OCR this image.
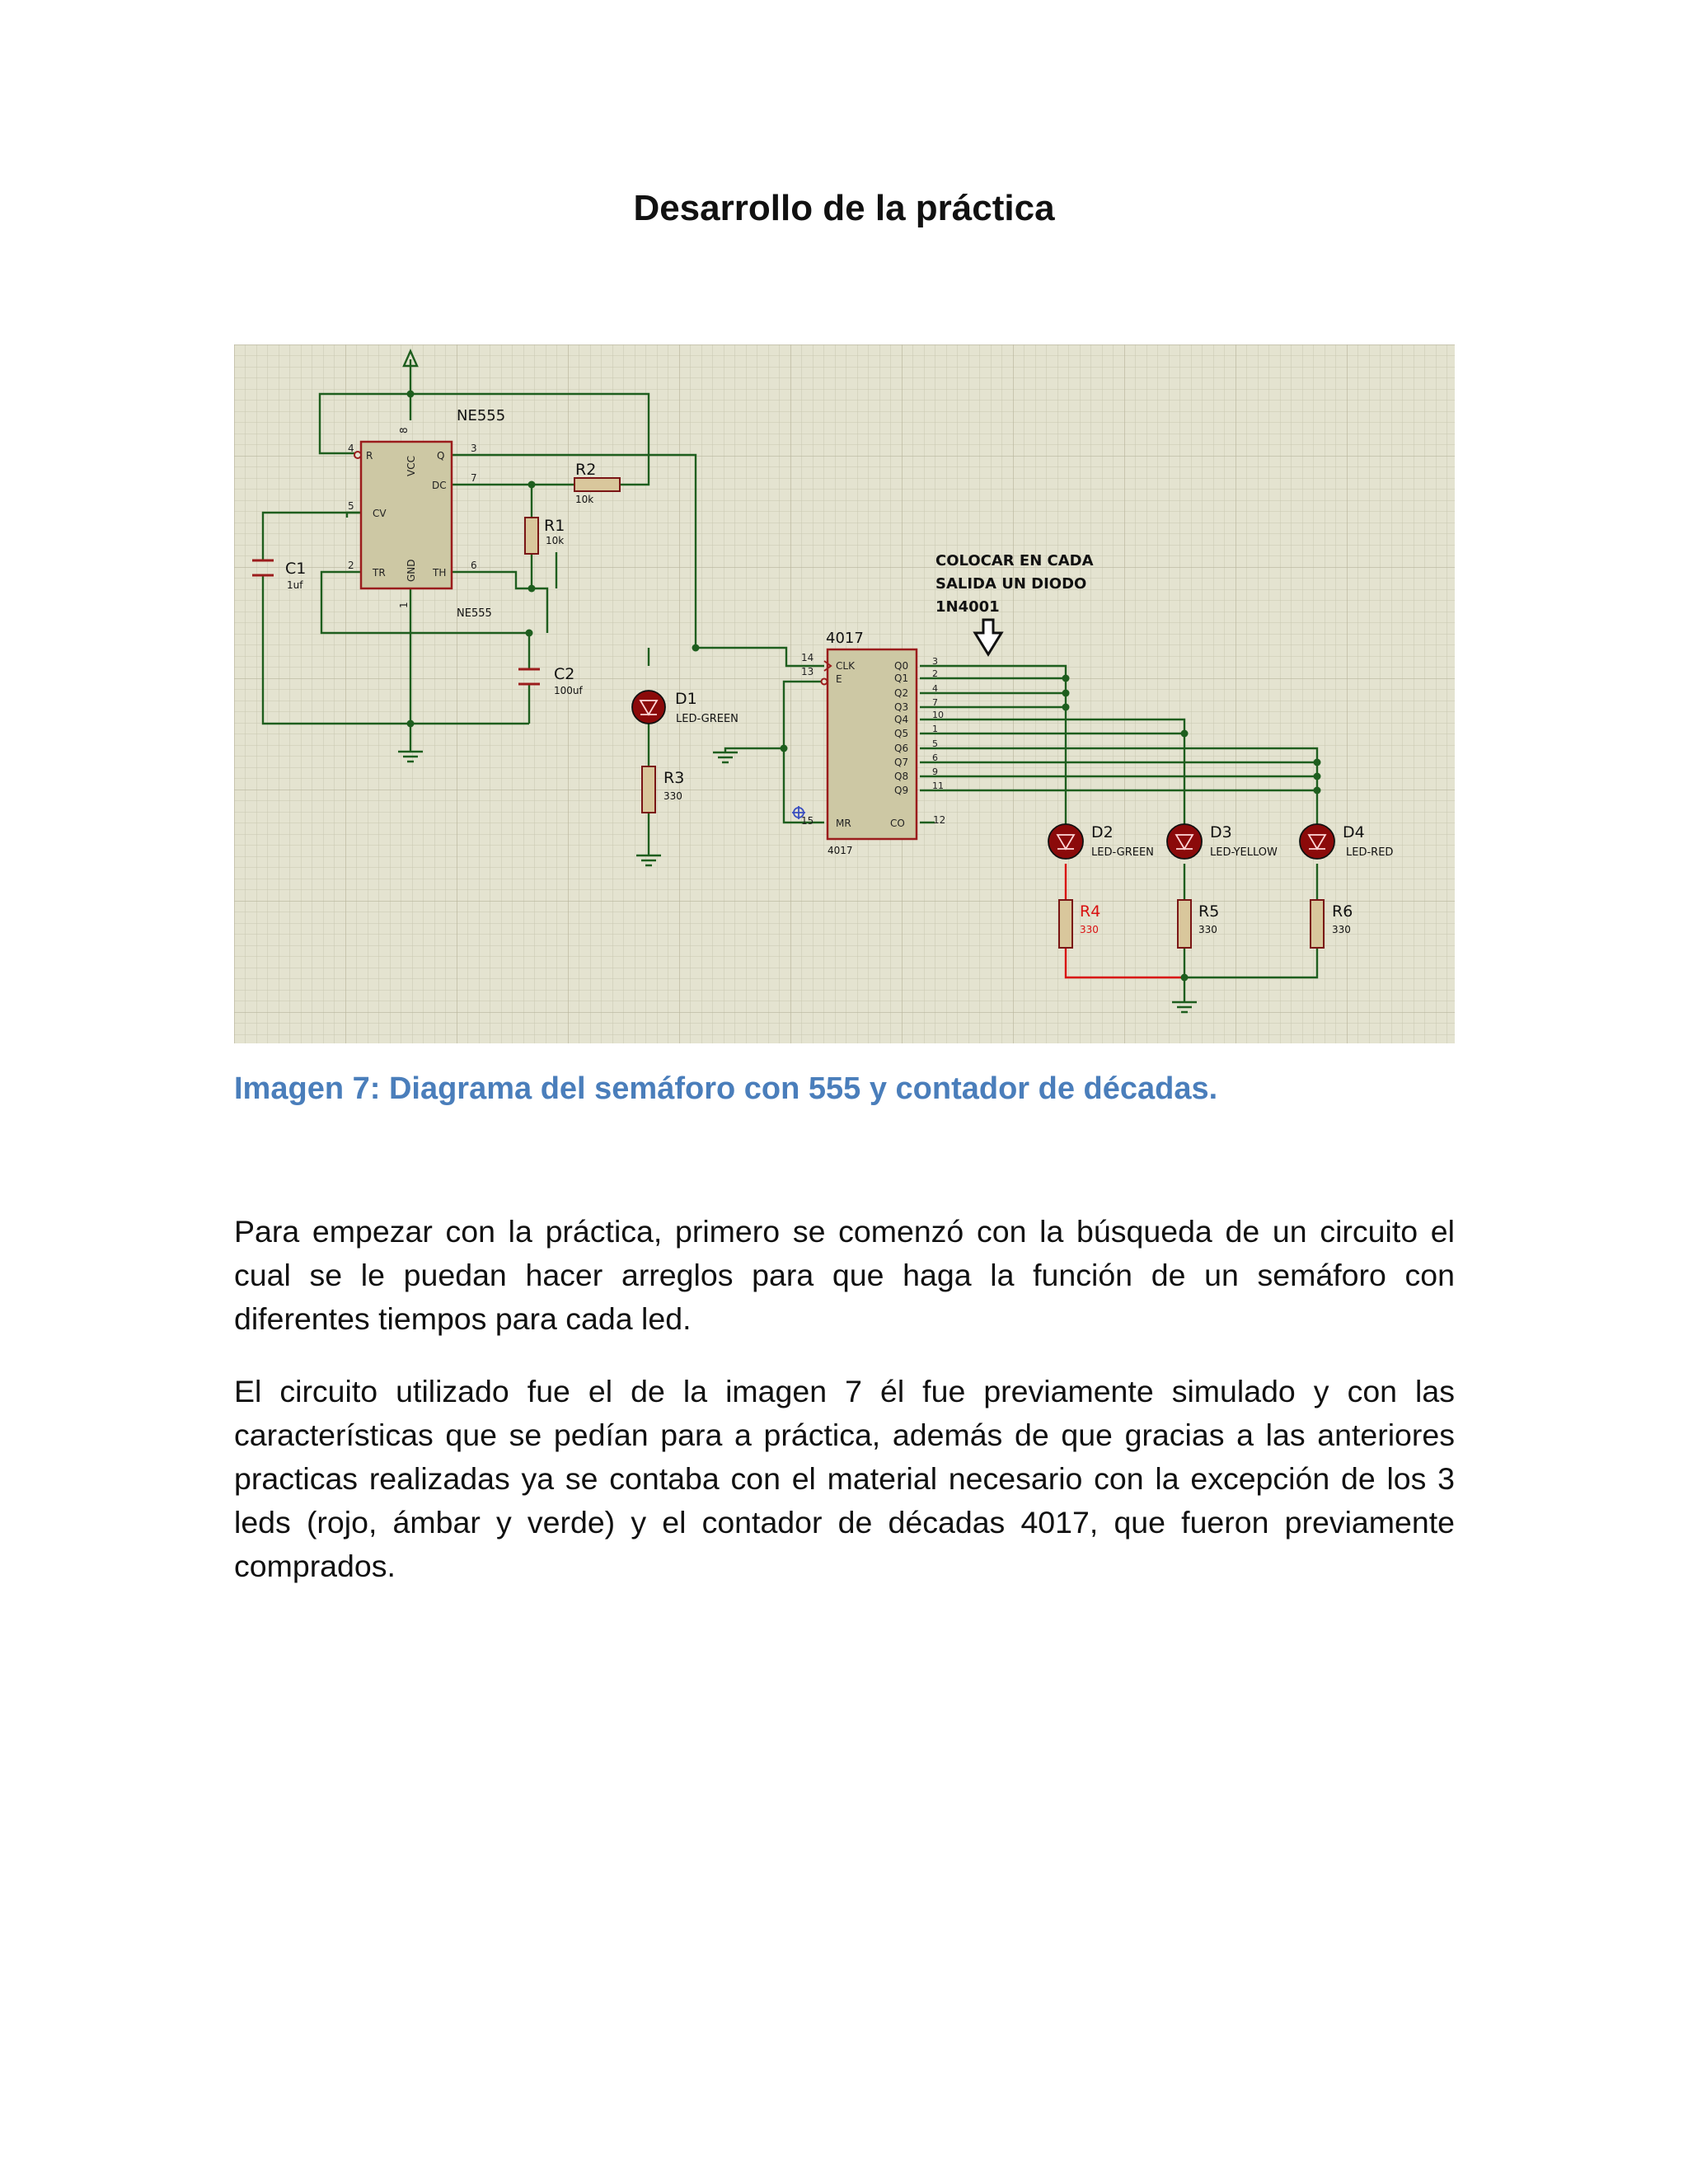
Desarrollo de la práctica
NE555
NE555
R	Q
DC
CV
TR	TH
VCC
GND
4
8
3
7
5
2	6
1
4017
4017
CLK
E
MR
14
13
15	CO	12
Q0	3
Q1	2
Q2	4
Q3	7
Q4	10
Q5	1
Q6	5
Q7	6
Q8	9
Q9	11
R1
10k
R2
10k
C1
1uf
C2
100uf	D1
LED-GREEN
R3
330
D2
LED-GREEN
D3
LED-YELLOW
D4
LED-RED
R5
330
R6
330
R4
330
COLOCAR EN CADA
SALIDA UN DIODO
1N4001
Imagen 7: Diagrama del semáforo con 555 y contador de décadas.
Para empezar con la práctica, primero se comenzó con la búsqueda de un circuito el cual se le puedan hacer arreglos para que haga la función de un semáforo con diferentes tiempos para cada led.
El circuito utilizado fue el de la imagen 7 él fue previamente simulado y con las características que se pedían para a práctica, además de que gracias a las anteriores practicas realizadas ya se contaba con el material necesario con la excepción de los 3 leds (rojo, ámbar y verde) y el contador de décadas 4017, que fueron previamente comprados.
